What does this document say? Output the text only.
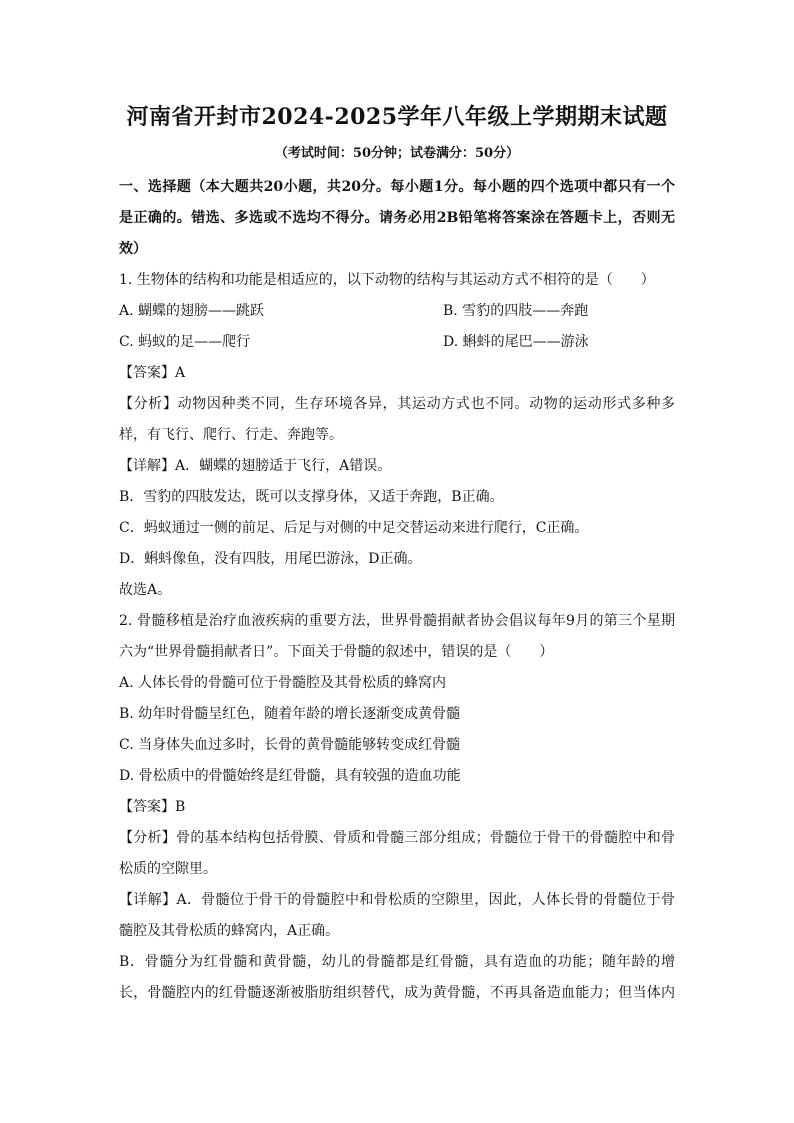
河南省开封市2024-2025学年八年级上学期期末试题
（考试时间：50分钟；试卷满分：50分）
一、选择题（本大题共20小题，共20分。每小题1分。每小题的四个选项中都只有一个
是正确的。错选、多选或不选均不得分。请务必用2B铅笔将答案涂在答题卡上，否则无
效）
1. 生物体的结构和功能是相适应的，以下动物的结构与其运动方式不相符的是（　　）
A. 蝴蝶的翅膀——跳跃	B. 雪豹的四肢——奔跑
C. 蚂蚁的足——爬行	D. 蝌蚪的尾巴——游泳
【答案】A
【分析】动物因种类不同，生存环境各异，其运动方式也不同。动物的运动形式多种多
样，有飞行、爬行、行走、奔跑等。
【详解】A．蝴蝶的翅膀适于飞行，A错误。
B．雪豹的四肢发达，既可以支撑身体，又适于奔跑，B正确。
C．蚂蚁通过一侧的前足、后足与对侧的中足交替运动来进行爬行，C正确。
D．蝌蚪像鱼，没有四肢，用尾巴游泳，D正确。
故选A。
2. 骨髓移植是治疗血液疾病的重要方法，世界骨髓捐献者协会倡议每年9月的第三个星期
六为“世界骨髓捐献者日”。下面关于骨髓的叙述中，错误的是（　　）
A. 人体长骨的骨髓可位于骨髓腔及其骨松质的蜂窝内
B. 幼年时骨髓呈红色，随着年龄的增长逐渐变成黄骨髓
C. 当身体失血过多时，长骨的黄骨髓能够转变成红骨髓
D. 骨松质中的骨髓始终是红骨髓，具有较强的造血功能
【答案】B
【分析】骨的基本结构包括骨膜、骨质和骨髓三部分组成；骨髓位于骨干的骨髓腔中和骨
松质的空隙里。
【详解】A．骨髓位于骨干的骨髓腔中和骨松质的空隙里，因此，人体长骨的骨髓位于骨
髓腔及其骨松质的蜂窝内，A正确。
B．骨髓分为红骨髓和黄骨髓，幼儿的骨髓都是红骨髓，具有造血的功能；随年龄的增
长，骨髓腔内的红骨髓逐渐被脂肪组织替代，成为黄骨髓，不再具备造血能力；但当体内
